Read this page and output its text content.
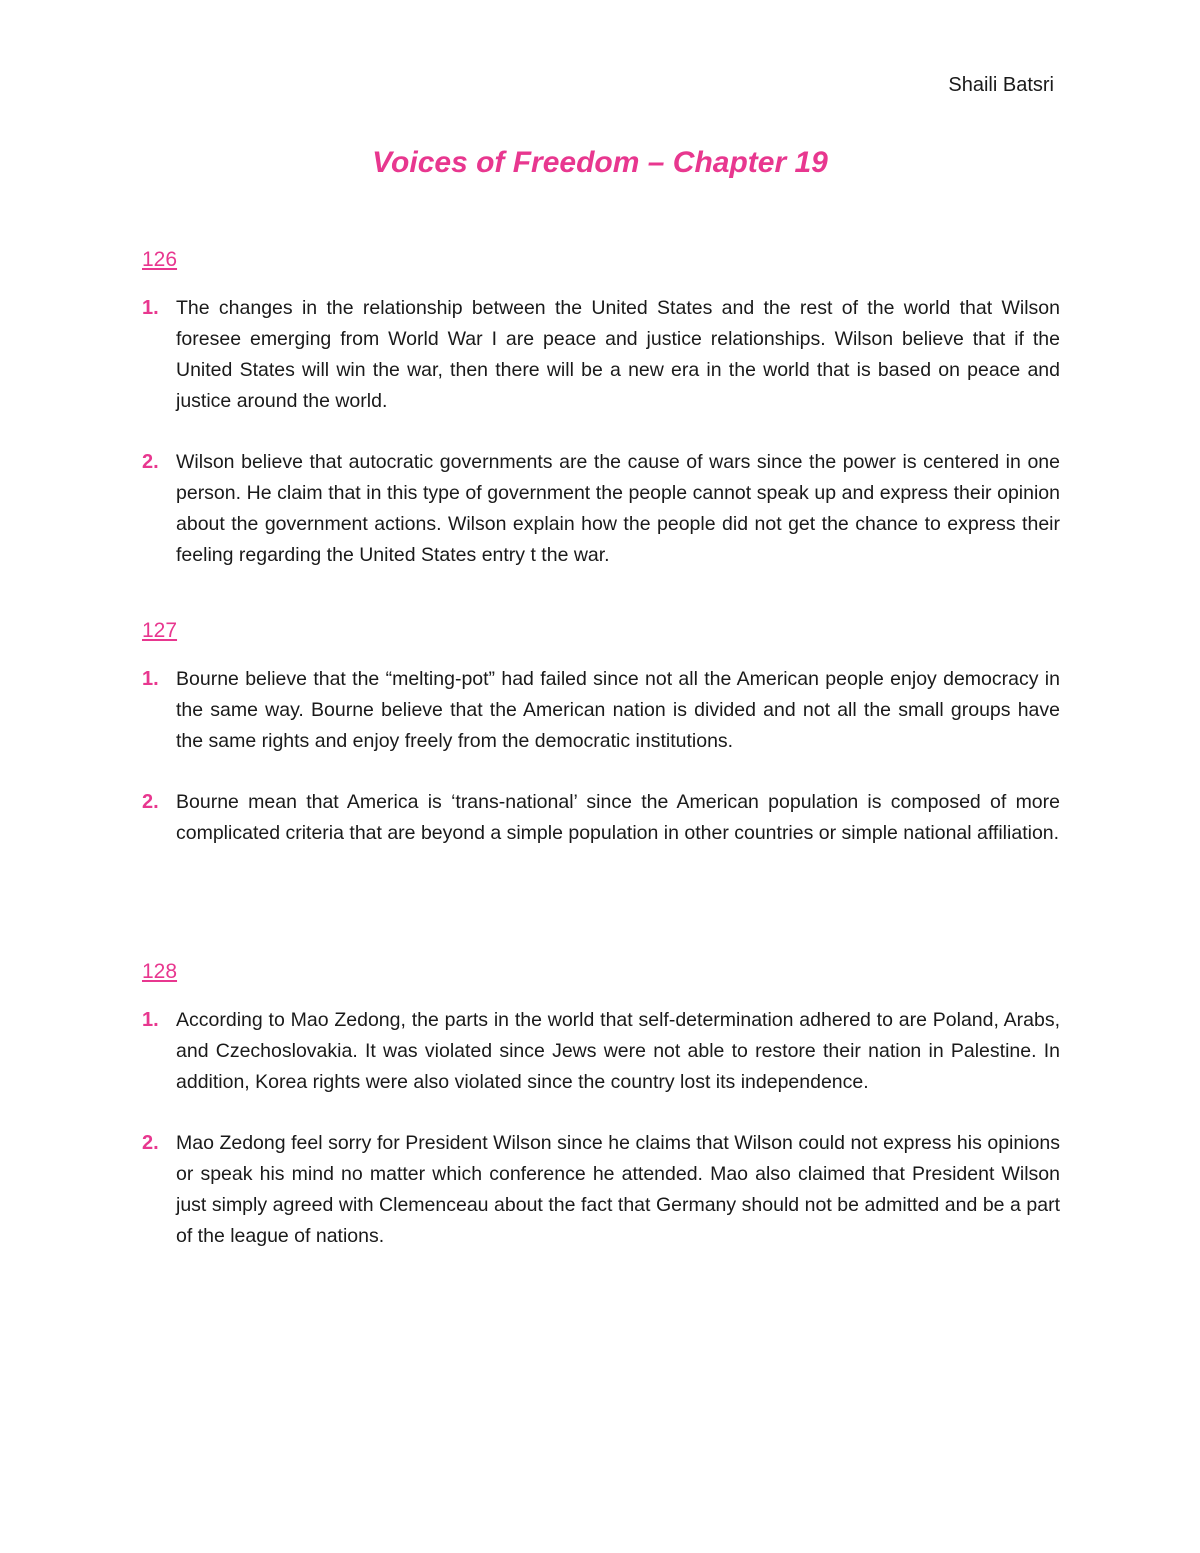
Shaili Batsri
Voices of Freedom – Chapter 19
126
1. The changes in the relationship between the United States and the rest of the world that Wilson foresee emerging from World War I are peace and justice relationships. Wilson believe that if the United States will win the war, then there will be a new era in the world that is based on peace and justice around the world.
2. Wilson believe that autocratic governments are the cause of wars since the power is centered in one person. He claim that in this type of government the people cannot speak up and express their opinion about the government actions. Wilson explain how the people did not get the chance to express their feeling regarding the United States entry t the war.
127
1. Bourne believe that the “melting-pot” had failed since not all the American people enjoy democracy in the same way. Bourne believe that the American nation is divided and not all the small groups have the same rights and enjoy freely from the democratic institutions.
2. Bourne mean that America is ‘trans-national’ since the American population is composed of more complicated criteria that are beyond a simple population in other countries or simple national affiliation.
128
1. According to Mao Zedong, the parts in the world that self-determination adhered to are Poland, Arabs, and Czechoslovakia. It was violated since Jews were not able to restore their nation in Palestine. In addition, Korea rights were also violated since the country lost its independence.
2. Mao Zedong feel sorry for President Wilson since he claims that Wilson could not express his opinions or speak his mind no matter which conference he attended. Mao also claimed that President Wilson just simply agreed with Clemenceau about the fact that Germany should not be admitted and be a part of the league of nations.
